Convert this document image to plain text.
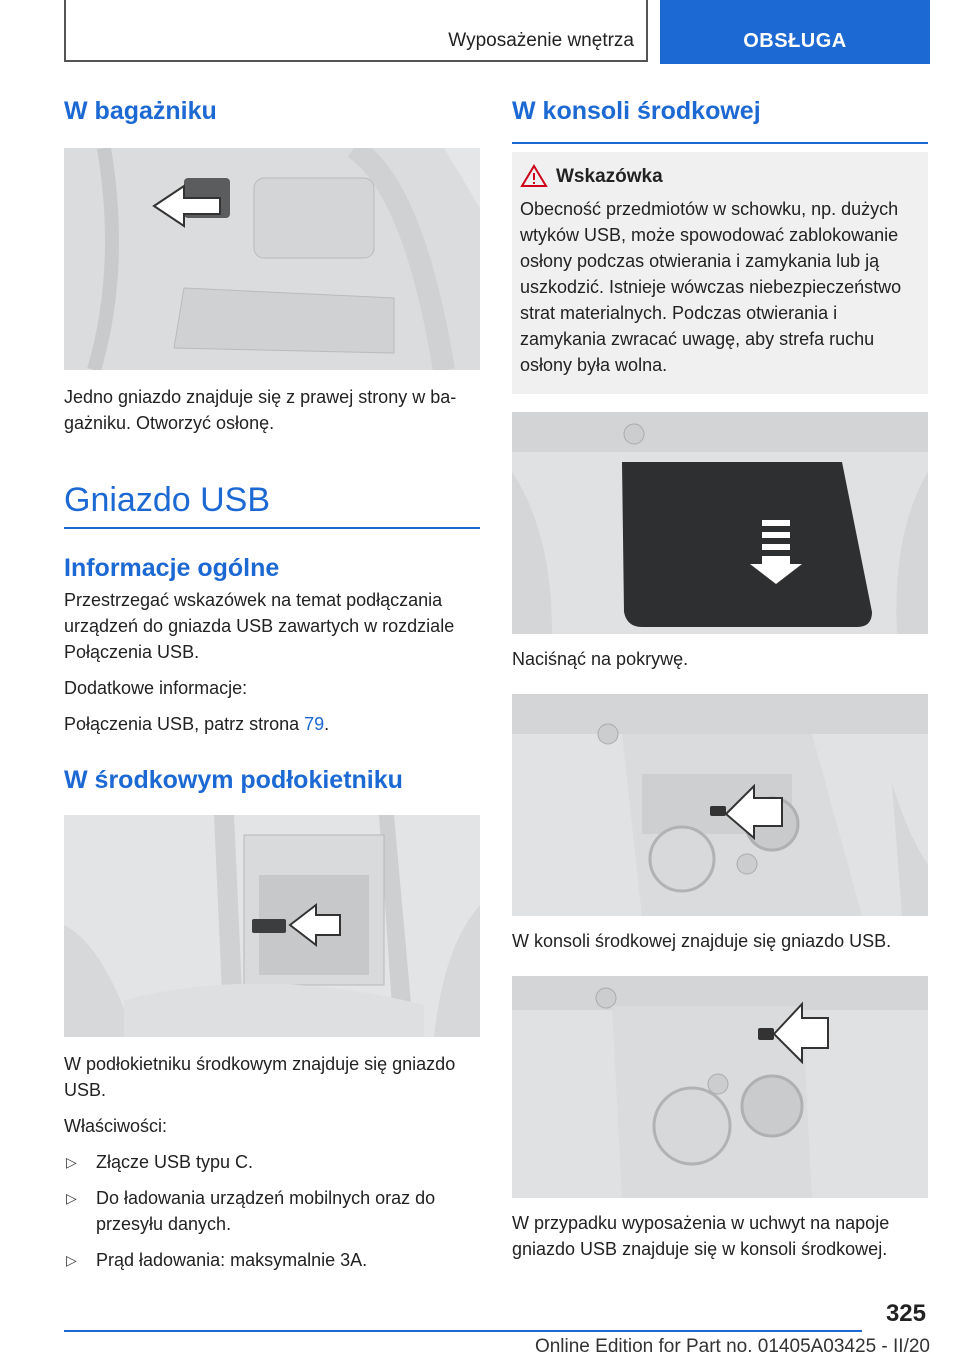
Wyposażenie wnętrza	OBSŁUGA
W bagażniku

Jedno gniazdo znajduje się z prawej strony w bagażniku. Otworzyć osłonę.

Gniazdo USB
Informacje ogólne

Przestrzegać wskazówek na temat podłączania urządzeń do gniazda USB zawartych w rozdziale Połączenia USB.

Dodatkowe informacje:

Połączenia USB, patrz strona 79.

W środkowym podłokietniku

W podłokietniku środkowym znajduje się gniazdo USB.

Właściwości:

▷ Złącze USB typu C.
▷ Do ładowania urządzeń mobilnych oraz do przesyłu danych.
▷ Prąd ładowania: maksymalnie 3A.
W konsoli środkowej
Wskazówka

Obecność przedmiotów w schowku, np. dużych wtyków USB, może spowodować zablokowanie osłony podczas otwierania i zamykania lub ją uszkodzić. Istnieje wówczas niebezpieczeństwo strat materialnych. Podczas otwierania i zamykania zwracać uwagę, aby strefa ruchu osłony była wolna.

Naciśnąć na pokrywę.

W konsoli środkowej znajduje się gniazdo USB.

W przypadku wyposażenia w uchwyt na napoje gniazdo USB znajduje się w konsoli środkowej.

325
Online Edition for Part no. 01405A03425 - II/20
